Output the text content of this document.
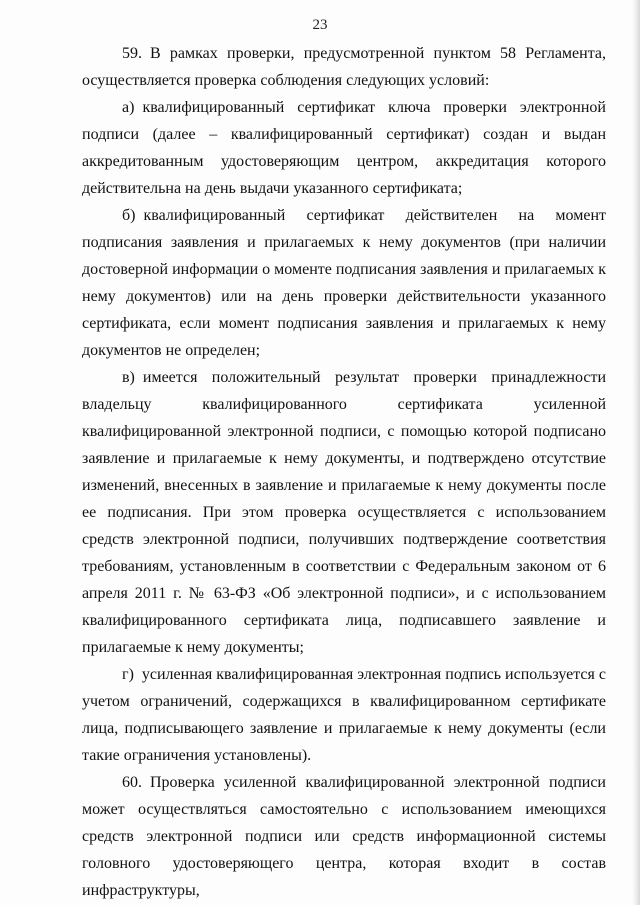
23

59. В рамках проверки, предусмотренной пунктом 58 Регламента, осуществляется проверка соблюдения следующих условий:

а) квалифицированный сертификат ключа проверки электронной подписи (далее – квалифицированный сертификат) создан и выдан аккредитованным удостоверяющим центром, аккредитация которого действительна на день выдачи указанного сертификата;

б) квалифицированный сертификат действителен на момент подписания заявления и прилагаемых к нему документов (при наличии достоверной информации о моменте подписания заявления и прилагаемых к нему документов) или на день проверки действительности указанного сертификата, если момент подписания заявления и прилагаемых к нему документов не определен;

в) имеется положительный результат проверки принадлежности владельцу квалифицированного сертификата усиленной квалифицированной электронной подписи, с помощью которой подписано заявление и прилагаемые к нему документы, и подтверждено отсутствие изменений, внесенных в заявление и прилагаемые к нему документы после ее подписания. При этом проверка осуществляется с использованием средств электронной подписи, получивших подтверждение соответствия требованиям, установленным в соответствии с Федеральным законом от 6 апреля 2011 г. № 63-ФЗ «Об электронной подписи», и с использованием квалифицированного сертификата лица, подписавшего заявление и прилагаемые к нему документы;

г) усиленная квалифицированная электронная подпись используется с учетом ограничений, содержащихся в квалифицированном сертификате лица, подписывающего заявление и прилагаемые к нему документы (если такие ограничения установлены).

60. Проверка усиленной квалифицированной электронной подписи может осуществляться самостоятельно с использованием имеющихся средств электронной подписи или средств информационной системы головного удостоверяющего центра, которая входит в состав инфраструктуры,
